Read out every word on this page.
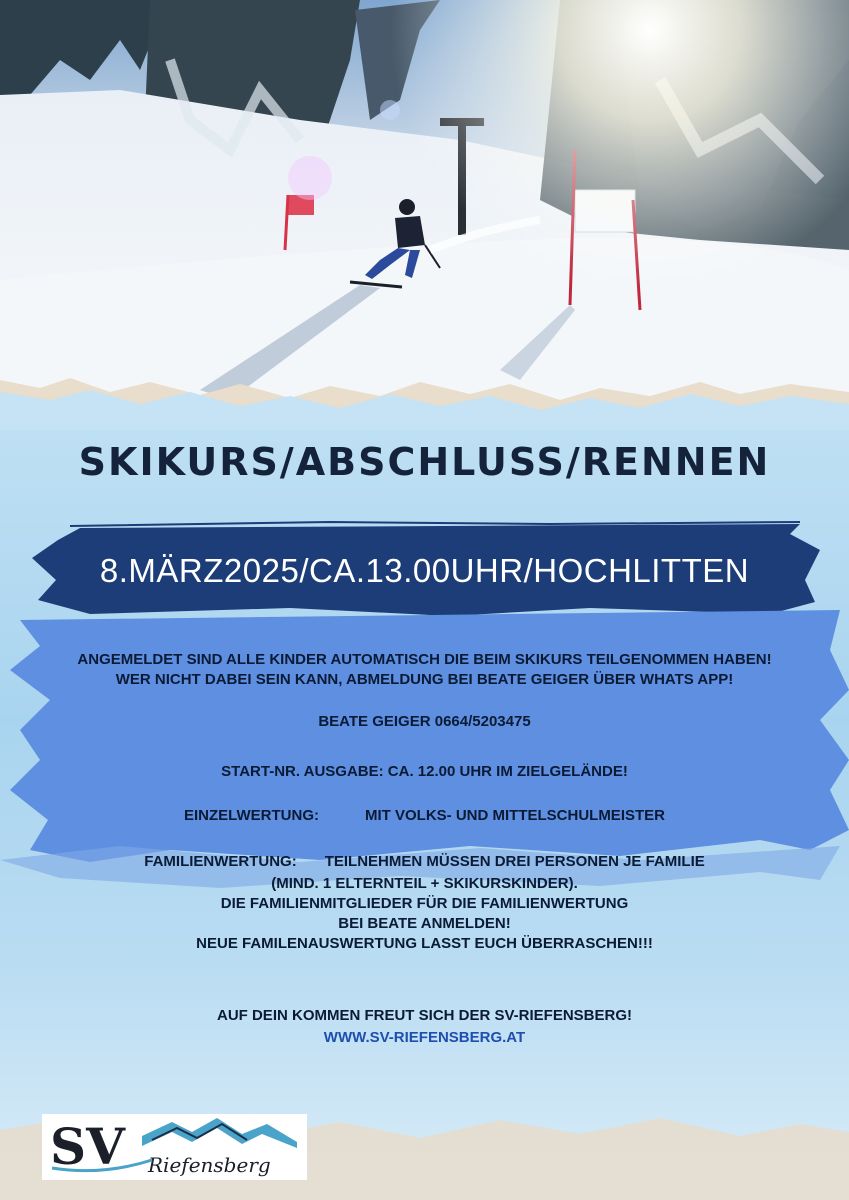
SKIKURS/ABSCHLUSS/RENNEN
8.MÄRZ2025/CA.13.00UHR/HOCHLITTEN
ANGEMELDET SIND ALLE KINDER AUTOMATISCH DIE BEIM SKIKURS TEILGENOMMEN HABEN!
WER NICHT DABEI SEIN KANN, ABMELDUNG BEI BEATE GEIGER ÜBER WHATS APP!
BEATE GEIGER 0664/5203475
START-NR. AUSGABE: CA. 12.00 UHR IM ZIELGELÄNDE!
EINZELWERTUNG:	MIT VOLKS- UND MITTELSCHULMEISTER
FAMILIENWERTUNG: TEILNEHMEN MÜSSEN DREI PERSONEN JE FAMILIE
(MIND. 1 ELTERNTEIL + SKIKURSKINDER).
DIE FAMILIENMITGLIEDER FÜR DIE FAMILIENWERTUNG
BEI BEATE ANMELDEN!
NEUE FAMILENAUSWERTUNG LASST EUCH ÜBERRASCHEN!!!
AUF DEIN KOMMEN FREUT SICH DER SV-RIEFENSBERG!
WWW.SV-RIEFENSBERG.AT
SV Riefensberg
